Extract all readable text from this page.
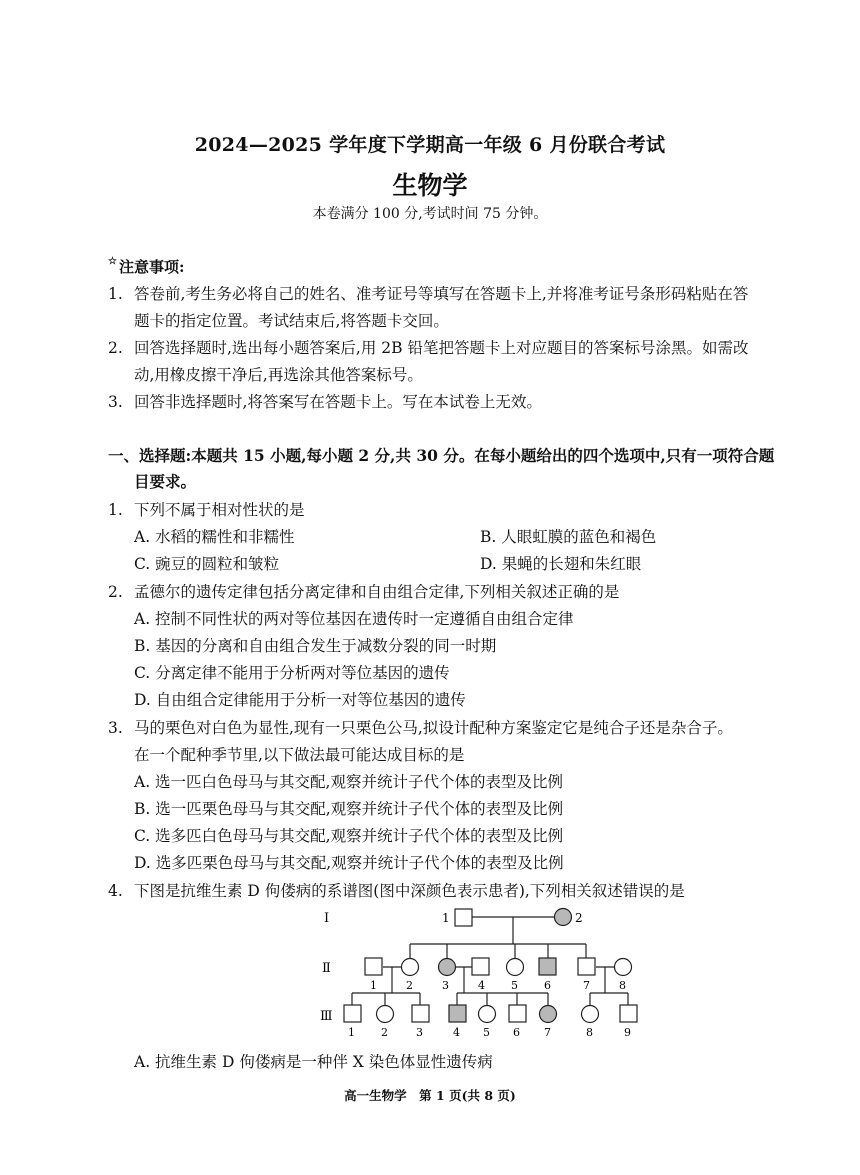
2024—2025 学年度下学期高一年级 6 月份联合考试
生物学
本卷满分 100 分,考试时间 75 分钟。
☆ 注意事项:
1. 答卷前,考生务必将自己的姓名、准考证号等填写在答题卡上,并将准考证号条形码粘贴在答
题卡的指定位置。考试结束后,将答题卡交回。
2. 回答选择题时,选出每小题答案后,用 2B 铅笔把答题卡上对应题目的答案标号涂黑。如需改
动,用橡皮擦干净后,再选涂其他答案标号。
3. 回答非选择题时,将答案写在答题卡上。写在本试卷上无效。
一、选择题:本题共 15 小题,每小题 2 分,共 30 分。在每小题给出的四个选项中,只有一项符合题
目要求。
1. 下列不属于相对性状的是
A. 水稻的糯性和非糯性	B. 人眼虹膜的蓝色和褐色
C. 豌豆的圆粒和皱粒	D. 果蝇的长翅和朱红眼
2. 孟德尔的遗传定律包括分离定律和自由组合定律,下列相关叙述正确的是
A. 控制不同性状的两对等位基因在遗传时一定遵循自由组合定律
B. 基因的分离和自由组合发生于减数分裂的同一时期
C. 分离定律不能用于分析两对等位基因的遗传
D. 自由组合定律能用于分析一对等位基因的遗传
3. 马的栗色对白色为显性,现有一只栗色公马,拟设计配种方案鉴定它是纯合子还是杂合子。
在一个配种季节里,以下做法最可能达成目标的是
A. 选一匹白色母马与其交配,观察并统计子代个体的表型及比例
B. 选一匹栗色母马与其交配,观察并统计子代个体的表型及比例
C. 选多匹白色母马与其交配,观察并统计子代个体的表型及比例
D. 选多匹栗色母马与其交配,观察并统计子代个体的表型及比例
4. 下图是抗维生素 D 佝偻病的系谱图(图中深颜色表示患者),下列相关叙述错误的是
Ⅰ
Ⅱ
Ⅲ
1	2
1	2	3	4 5 6	7	8
1 2	3	4 5 6 7	8	9
A. 抗维生素 D 佝偻病是一种伴 X 染色体显性遗传病
高一生物学　第 1 页(共 8 页)
